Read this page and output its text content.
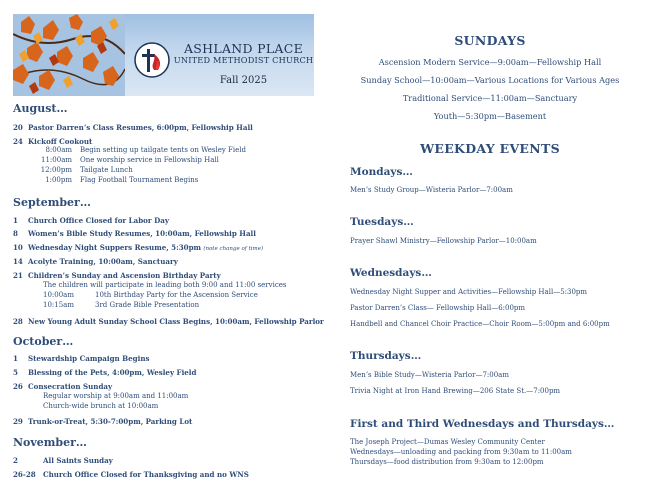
ASHLAND PLACE
UNITED METHODIST CHURCH
Fall 2025
August…
20 Pastor Darren’s Class Resumes, 6:00pm, Fellowship Hall
24 Kickoff Cookout
8:00am Begin setting up tailgate tents on Wesley Field
11:00am One worship service in Fellowship Hall
12:00pm Tailgate Lunch
1:00pm Flag Football Tournament Begins
September…
1 Church Office Closed for Labor Day
8 Women’s Bible Study Resumes, 10:00am, Fellowship Hall
10 Wednesday Night Suppers Resume, 5:30pm (note change of time)
14 Acolyte Training, 10:00am, Sanctuary
21 Children’s Sunday and Ascension Birthday Party
The children will participate in leading both 9:00 and 11:00 services
10:00am	10th Birthday Party for the Ascension Service
10:15am	3rd Grade Bible Presentation
28 New Young Adult Sunday School Class Begins, 10:00am, Fellowship Parlor
October…
1 Stewardship Campaign Begins
5 Blessing of the Pets, 4:00pm, Wesley Field
26 Consecration Sunday
Regular worship at 9:00am and 11:00am
Church-wide brunch at 10:00am
29 Trunk-or-Treat, 5:30-7:00pm, Parking Lot
November…
2	All Saints Sunday
26-28 Church Office Closed for Thanksgiving and no WNS
SUNDAYS
Ascension Modern Service—9:00am—Fellowship Hall
Sunday School—10:00am—Various Locations for Various Ages
Traditional Service—11:00am—Sanctuary
Youth—5:30pm—Basement
WEEKDAY EVENTS
Mondays…
Men’s Study Group—Wisteria Parlor—7:00am
Tuesdays…
Prayer Shawl Ministry—Fellowship Parlor—10:00am
Wednesdays…
Wednesday Night Supper and Activities—Fellowship Hall—5:30pm
Pastor Darren’s Class— Fellowship Hall—6:00pm
Handbell and Chancel Choir Practice—Choir Room—5:00pm and 6:00pm
Thursdays…
Men’s Bible Study—Wisteria Parlor—7:00am
Trivia Night at Iron Hand Brewing—206 State St.—7:00pm
First and Third Wednesdays and Thursdays…
The Joseph Project—Dumas Wesley Community Center
Wednesdays—unloading and packing from 9:30am to 11:00am
Thursdays—food distribution from 9:30am to 12:00pm
